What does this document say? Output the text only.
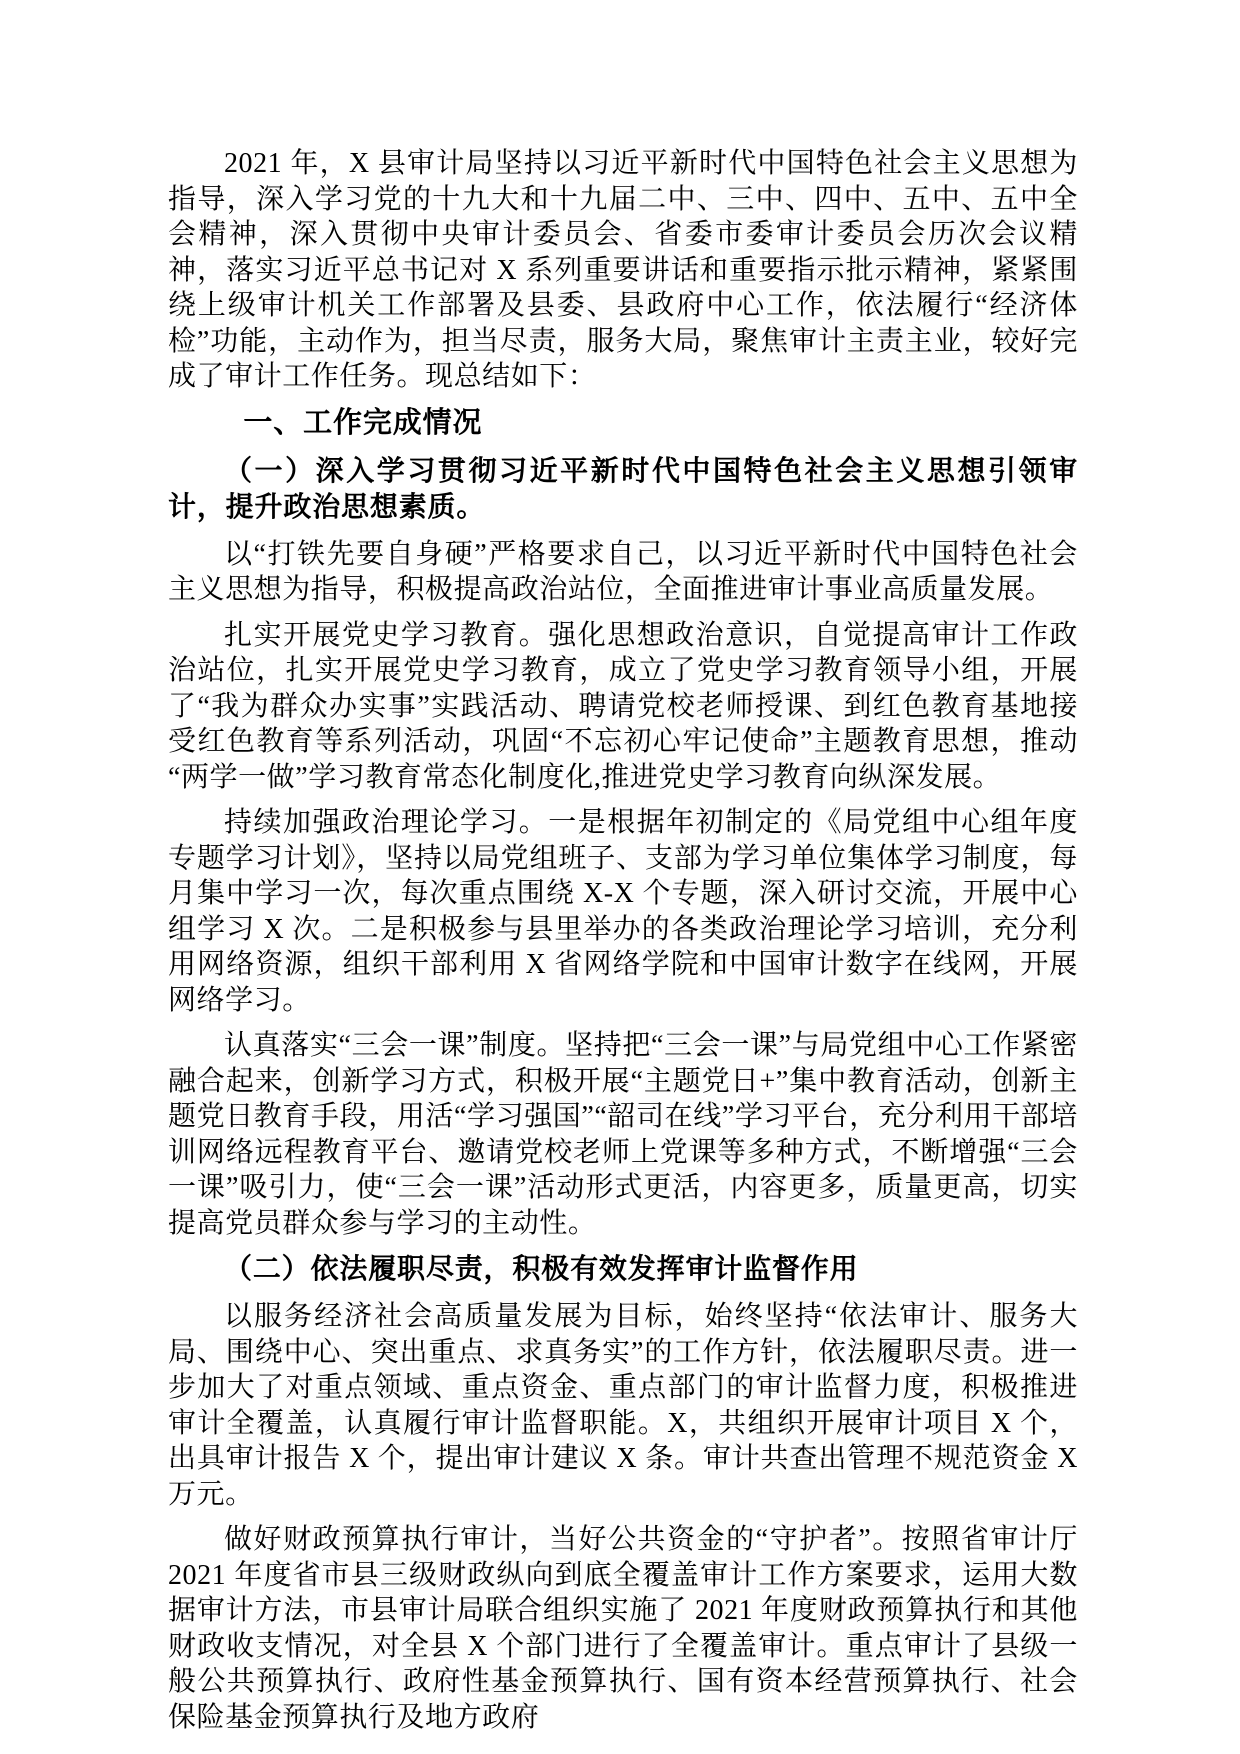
2021 年，X 县审计局坚持以习近平新时代中国特色社会主义思想为指导，深入学习党的十九大和十九届二中、三中、四中、五中、五中全会精神，深入贯彻中央审计委员会、省委市委审计委员会历次会议精神，落实习近平总书记对 X 系列重要讲话和重要指示批示精神，紧紧围绕上级审计机关工作部署及县委、县政府中心工作，依法履行“经济体检”功能，主动作为，担当尽责，服务大局，聚焦审计主责主业，较好完成了审计工作任务。现总结如下：

一、工作完成情况
（一）深入学习贯彻习近平新时代中国特色社会主义思想引领审计，提升政治思想素质。

以“打铁先要自身硬”严格要求自己，以习近平新时代中国特色社会主义思想为指导，积极提高政治站位，全面推进审计事业高质量发展。

扎实开展党史学习教育。强化思想政治意识，自觉提高审计工作政治站位，扎实开展党史学习教育，成立了党史学习教育领导小组，开展了“我为群众办实事”实践活动、聘请党校老师授课、到红色教育基地接受红色教育等系列活动，巩固“不忘初心牢记使命”主题教育思想，推动“两学一做”学习教育常态化制度化,推进党史学习教育向纵深发展。

持续加强政治理论学习。一是根据年初制定的《局党组中心组年度专题学习计划》，坚持以局党组班子、支部为学习单位集体学习制度，每月集中学习一次，每次重点围绕 X-X 个专题，深入研讨交流，开展中心组学习 X 次。二是积极参与县里举办的各类政治理论学习培训，充分利用网络资源，组织干部利用 X 省网络学院和中国审计数字在线网，开展网络学习。

认真落实“三会一课”制度。坚持把“三会一课”与局党组中心工作紧密融合起来，创新学习方式，积极开展“主题党日+”集中教育活动，创新主题党日教育手段，用活“学习强国”“韶司在线”学习平台，充分利用干部培训网络远程教育平台、邀请党校老师上党课等多种方式，不断增强“三会一课”吸引力，使“三会一课”活动形式更活，内容更多，质量更高，切实提高党员群众参与学习的主动性。

（二）依法履职尽责，积极有效发挥审计监督作用

以服务经济社会高质量发展为目标，始终坚持“依法审计、服务大局、围绕中心、突出重点、求真务实”的工作方针，依法履职尽责。进一步加大了对重点领域、重点资金、重点部门的审计监督力度，积极推进审计全覆盖，认真履行审计监督职能。X，共组织开展审计项目 X 个，出具审计报告 X 个，提出审计建议 X 条。审计共查出管理不规范资金 X 万元。

做好财政预算执行审计，当好公共资金的“守护者”。按照省审计厅 2021 年度省市县三级财政纵向到底全覆盖审计工作方案要求，运用大数据审计方法，市县审计局联合组织实施了 2021 年度财政预算执行和其他财政收支情况，对全县 X 个部门进行了全覆盖审计。重点审计了县级一般公共预算执行、政府性基金预算执行、国有资本经营预算执行、社会保险基金预算执行及地方政府
